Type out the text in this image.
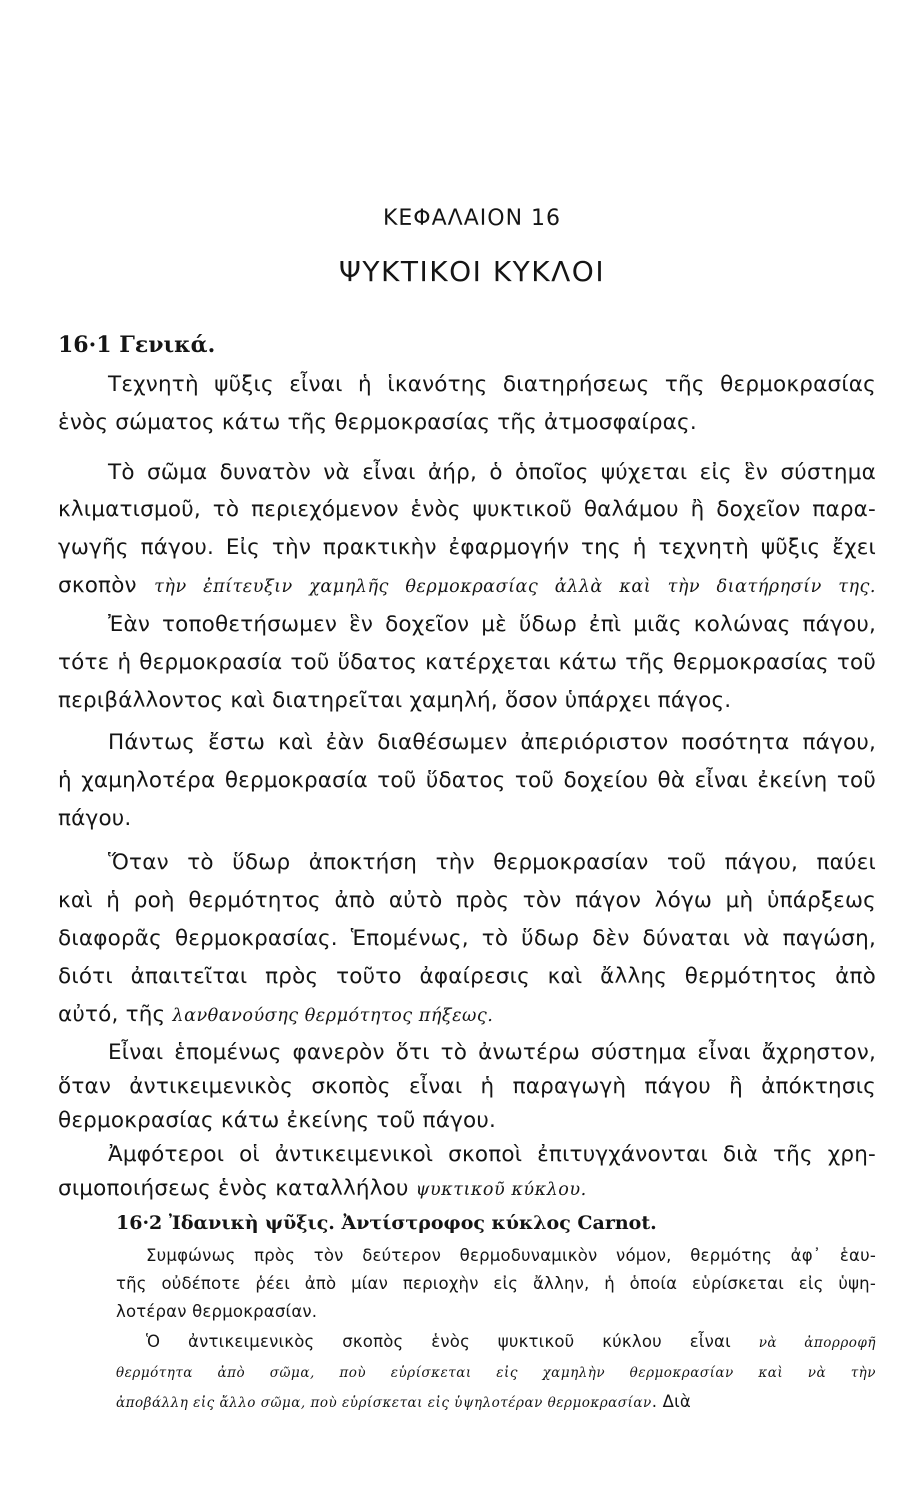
ΚΕΦΑΛΑΙΟΝ 16
ΨΥΚΤΙΚΟΙ ΚΥΚΛΟΙ
16·1 Γενικά.
Τεχνητὴ ψῦξις εἶναι ἡ ἱκανότης διατηρήσεως τῆς θερμοκρασίας
ἑνὸς σώματος κάτω τῆς θερμοκρασίας τῆς ἀτμοσφαίρας.
Τὸ σῶμα δυνατὸν νὰ εἶναι ἀήρ, ὁ ὁποῖος ψύχεται εἰς ἓν σύστημα
κλιματισμοῦ, τὸ περιεχόμενον ἑνὸς ψυκτικοῦ θαλάμου ἢ δοχεῖον παρα-
γωγῆς πάγου. Εἰς τὴν πρακτικὴν ἐφαρμογήν της ἡ τεχνητὴ ψῦξις ἔχει
σκοπὸν τὴν ἐπίτευξιν χαμηλῆς θερμοκρασίας ἀλλὰ καὶ τὴν διατήρησίν της.
Ἐὰν τοποθετήσωμεν ἓν δοχεῖον μὲ ὕδωρ ἐπὶ μιᾶς κολώνας πάγου,
τότε ἡ θερμοκρασία τοῦ ὕδατος κατέρχεται κάτω τῆς θερμοκρασίας τοῦ
περιβάλλοντος καὶ διατηρεῖται χαμηλή, ὅσον ὑπάρχει πάγος.
Πάντως ἔστω καὶ ἐὰν διαθέσωμεν ἀπεριόριστον ποσότητα πάγου,
ἡ χαμηλοτέρα θερμοκρασία τοῦ ὕδατος τοῦ δοχείου θὰ εἶναι ἐκείνη τοῦ
πάγου.
Ὅταν τὸ ὕδωρ ἀποκτήση τὴν θερμοκρασίαν τοῦ πάγου, παύει
καὶ ἡ ροὴ θερμότητος ἀπὸ αὐτὸ πρὸς τὸν πάγον λόγω μὴ ὑπάρξεως
διαφορᾶς θερμοκρασίας. Ἑπομένως, τὸ ὕδωρ δὲν δύναται νὰ παγώση,
διότι ἀπαιτεῖται πρὸς τοῦτο ἀφαίρεσις καὶ ἄλλης θερμότητος ἀπὸ
αὐτό, τῆς λανθανούσης θερμότητος πήξεως.
Εἶναι ἑπομένως φανερὸν ὅτι τὸ ἀνωτέρω σύστημα εἶναι ἄχρηστον,
ὅταν ἀντικειμενικὸς σκοπὸς εἶναι ἡ παραγωγὴ πάγου ἢ ἀπόκτησις
θερμοκρασίας κάτω ἐκείνης τοῦ πάγου.
16·2 Ἰδανικὴ ψῦξις. Ἀντίστροφος κύκλος Carnot.
Συμφώνως πρὸς τὸν δεύτερον θερμοδυναμικὸν νόμον, θερμότης ἀφ᾽ ἑαυ-
τῆς οὐδέποτε ῥέει ἀπὸ μίαν περιοχὴν εἰς ἄλλην, ἡ ὁποία εὑρίσκεται εἰς ὑψη-
λοτέραν θερμοκρασίαν.
Ὁ ἀντικειμενικὸς σκοπὸς ἑνὸς ψυκτικοῦ κύκλου εἶναι νὰ ἀπορροφῆ
θερμότητα ἀπὸ σῶμα, ποὺ εὑρίσκεται εἰς χαμηλὴν θερμοκρασίαν καὶ νὰ τὴν
ἀποβάλλη εἰς ἄλλο σῶμα, ποὺ εὑρίσκεται εἰς ὑψηλοτέραν θερμοκρασίαν. Διὰ
Ἀμφότεροι οἱ ἀντικειμενικοὶ σκοποὶ ἐπιτυγχάνονται διὰ τῆς χρη-
σιμοποιήσεως ἑνὸς καταλλήλου ψυκτικοῦ κύκλου.
